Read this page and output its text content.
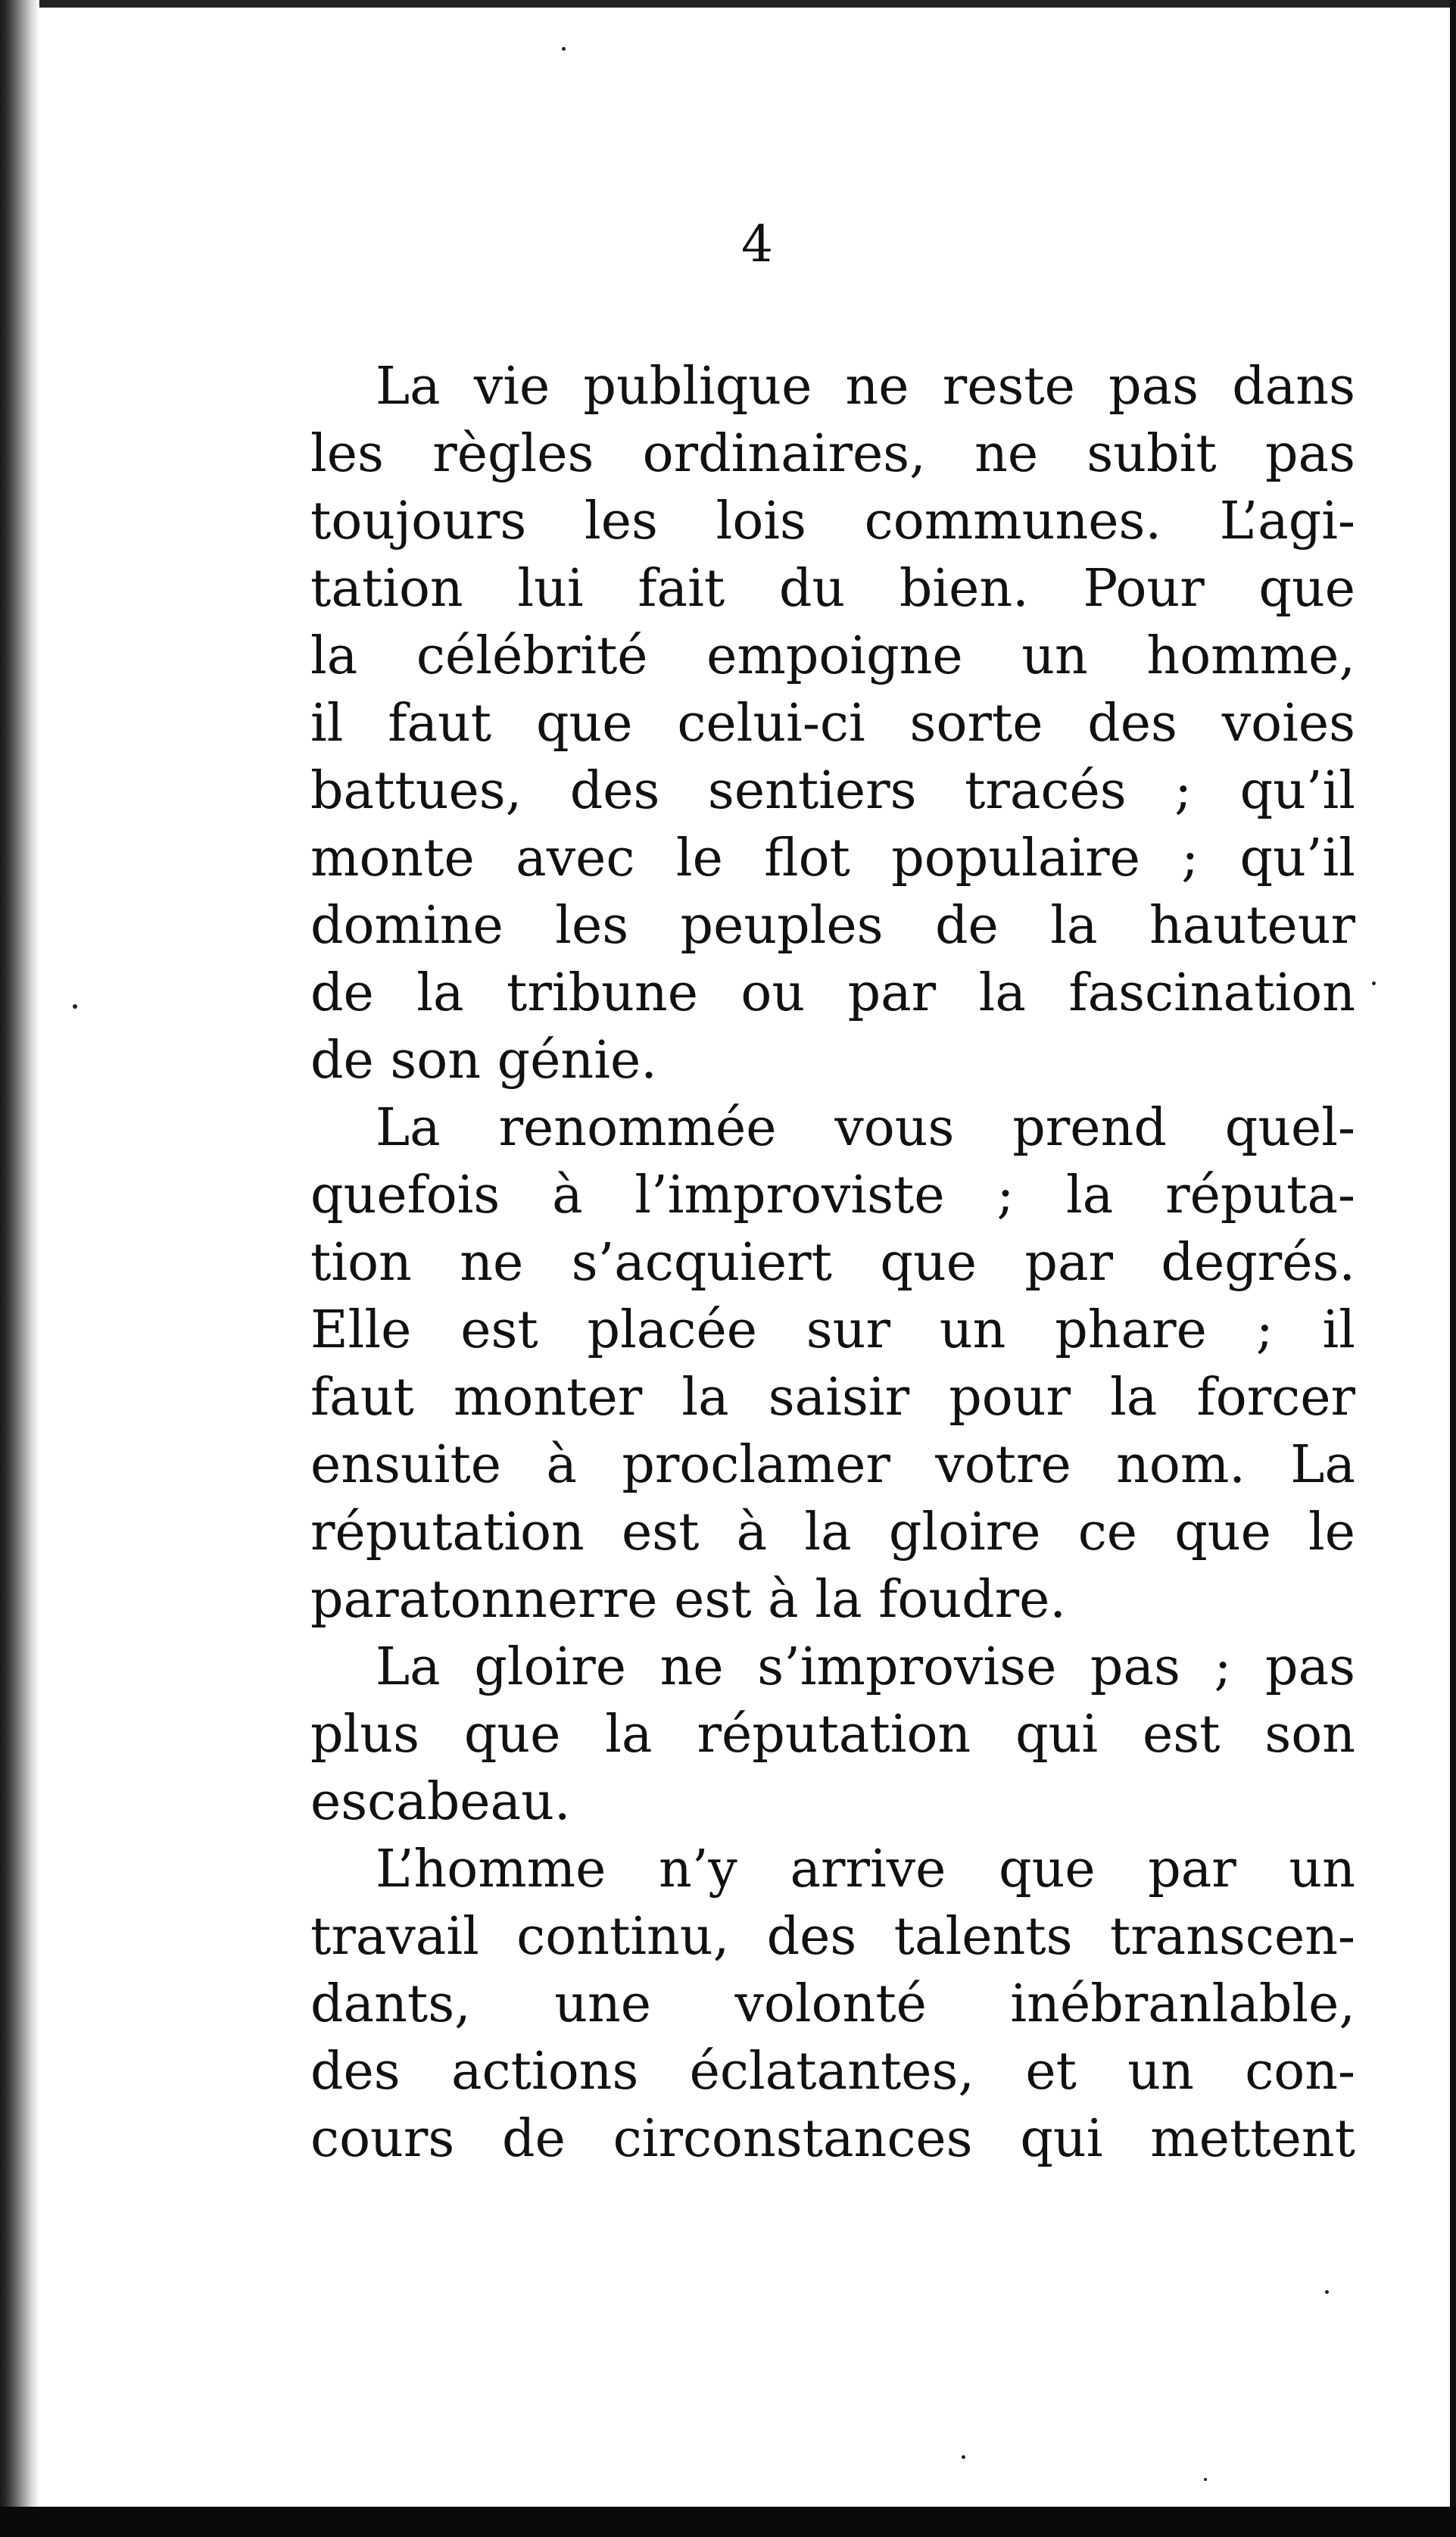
4
La vie publique ne reste pas dans
les règles ordinaires, ne subit pas
toujours les lois communes. L’agi-
tation lui fait du bien. Pour que
la célébrité empoigne un homme,
il faut que celui-ci sorte des voies
battues, des sentiers tracés ; qu’il
monte avec le flot populaire ; qu’il
domine les peuples de la hauteur
de la tribune ou par la fascination
de son génie.
La renommée vous prend quel-
quefois à l’improviste ; la réputa-
tion ne s’acquiert que par degrés.
Elle est placée sur un phare ; il
faut monter la saisir pour la forcer
ensuite à proclamer votre nom. La
réputation est à la gloire ce que le
paratonnerre est à la foudre.
La gloire ne s’improvise pas ; pas
plus que la réputation qui est son
escabeau.
L’homme n’y arrive que par un
travail continu, des talents transcen-
dants, une volonté inébranlable,
des actions éclatantes, et un con-
cours de circonstances qui mettent
